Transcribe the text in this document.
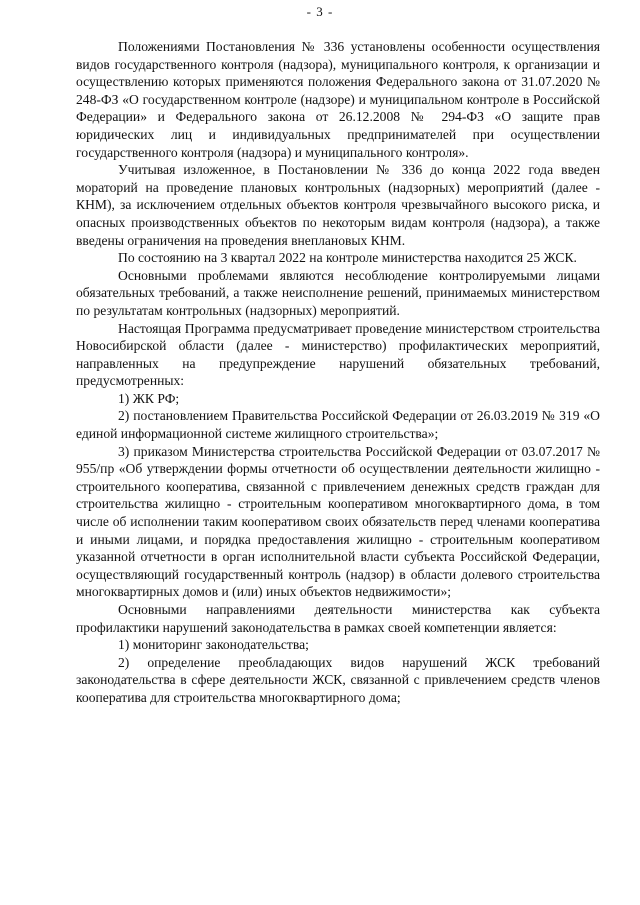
- 3 -

Положениями Постановления № 336 установлены особенности осуществления видов государственного контроля (надзора), муниципального контроля, к организации и осуществлению которых применяются положения Федерального закона от 31.07.2020 № 248-ФЗ «О государственном контроле (надзоре) и муниципальном контроле в Российской Федерации» и Федерального закона от 26.12.2008 № 294-ФЗ «О защите прав юридических лиц и индивидуальных предпринимателей при осуществлении государственного контроля (надзора) и муниципального контроля».

Учитывая изложенное, в Постановлении № 336 до конца 2022 года введен мораторий на проведение плановых контрольных (надзорных) мероприятий (далее - КНМ), за исключением отдельных объектов контроля чрезвычайного высокого риска, и опасных производственных объектов по некоторым видам контроля (надзора), а также введены ограничения на проведения внеплановых КНМ.

По состоянию на 3 квартал 2022 на контроле министерства находится 25 ЖСК.

Основными проблемами являются несоблюдение контролируемыми лицами обязательных требований, а также неисполнение решений, принимаемых министерством по результатам контрольных (надзорных) мероприятий.

Настоящая Программа предусматривает проведение министерством строительства Новосибирской области (далее - министерство) профилактических мероприятий, направленных на предупреждение нарушений обязательных требований, предусмотренных:

1) ЖК РФ;

2) постановлением Правительства Российской Федерации от 26.03.2019 № 319 «О единой информационной системе жилищного строительства»;

3) приказом Министерства строительства Российской Федерации от 03.07.2017 № 955/пр «Об утверждении формы отчетности об осуществлении деятельности жилищно - строительного кооператива, связанной с привлечением денежных средств граждан для строительства жилищно - строительным кооперативом многоквартирного дома, в том числе об исполнении таким кооперативом своих обязательств перед членами кооператива и иными лицами, и порядка предоставления жилищно - строительным кооперативом указанной отчетности в орган исполнительной власти субъекта Российской Федерации, осуществляющий государственный контроль (надзор) в области долевого строительства многоквартирных домов и (или) иных объектов недвижимости»;

Основными направлениями деятельности министерства как субъекта профилактики нарушений законодательства в рамках своей компетенции является:

1) мониторинг законодательства;

2) определение преобладающих видов нарушений ЖСК требований законодательства в сфере деятельности ЖСК, связанной с привлечением средств членов кооператива для строительства многоквартирного дома;
